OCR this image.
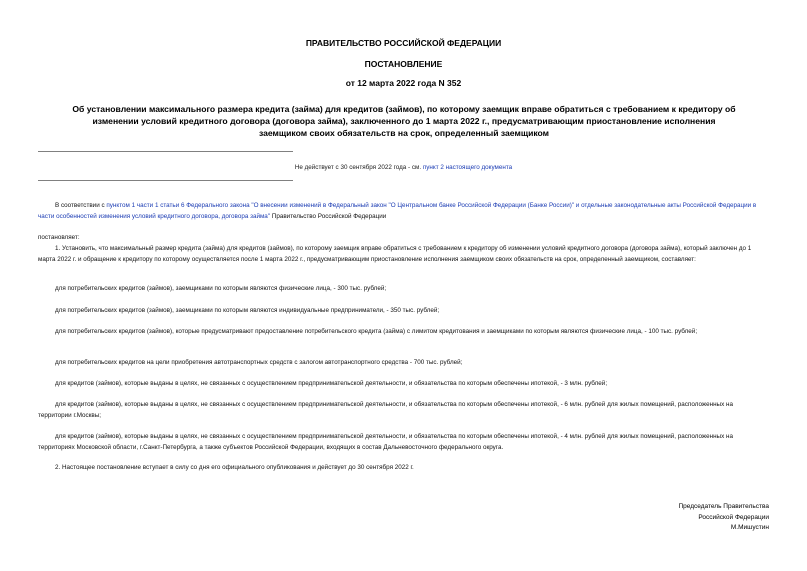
ПРАВИТЕЛЬСТВО РОССИЙСКОЙ ФЕДЕРАЦИИ
ПОСТАНОВЛЕНИЕ
от 12 марта 2022 года N 352
Об установлении максимального размера кредита (займа) для кредитов (займов), по которому заемщик вправе обратиться с требованием к кредитору об изменении условий кредитного договора (договора займа), заключенного до 1 марта 2022 г., предусматривающим приостановление исполнения заемщиком своих обязательств на срок, определенный заемщиком
Не действует с 30 сентября 2022 года - см. пункт 2 настоящего документа
В соответствии с пунктом 1 части 1 статьи 6 Федерального закона "О внесении изменений в Федеральный закон "О Центральном банке Российской Федерации (Банке России)" и отдельные законодательные акты Российской Федерации в части особенностей изменения условий кредитного договора, договора займа" Правительство Российской Федерации
постановляет:
1. Установить, что максимальный размер кредита (займа) для кредитов (займов), по которому заемщик вправе обратиться с требованием к кредитору об изменении условий кредитного договора (договора займа), который заключен до 1 марта 2022 г. и обращение к кредитору по которому осуществляется после 1 марта 2022 г., предусматривающим приостановление исполнения заемщиком своих обязательств на срок, определенный заемщиком, составляет:
для потребительских кредитов (займов), заемщиками по которым являются физические лица, - 300 тыс. рублей;
для потребительских кредитов (займов), заемщиками по которым являются индивидуальные предприниматели, - 350 тыс. рублей;
для потребительских кредитов (займов), которые предусматривают предоставление потребительского кредита (займа) с лимитом кредитования и заемщиками по которым являются физические лица, - 100 тыс. рублей;
для потребительских кредитов на цели приобретения автотранспортных средств с залогом автотранспортного средства - 700 тыс. рублей;
для кредитов (займов), которые выданы в целях, не связанных с осуществлением предпринимательской деятельности, и обязательства по которым обеспечены ипотекой, - 3 млн. рублей;
для кредитов (займов), которые выданы в целях, не связанных с осуществлением предпринимательской деятельности, и обязательства по которым обеспечены ипотекой, - 6 млн. рублей для жилых помещений, расположенных на территории г.Москвы;
для кредитов (займов), которые выданы в целях, не связанных с осуществлением предпринимательской деятельности, и обязательства по которым обеспечены ипотекой, - 4 млн. рублей для жилых помещений, расположенных на территориях Московской области, г.Санкт-Петербурга, а также субъектов Российской Федерации, входящих в состав Дальневосточного федерального округа.
2. Настоящее постановление вступает в силу со дня его официального опубликования и действует до 30 сентября 2022 г.
Председатель Правительства
Российской Федерации
М.Мишустин
